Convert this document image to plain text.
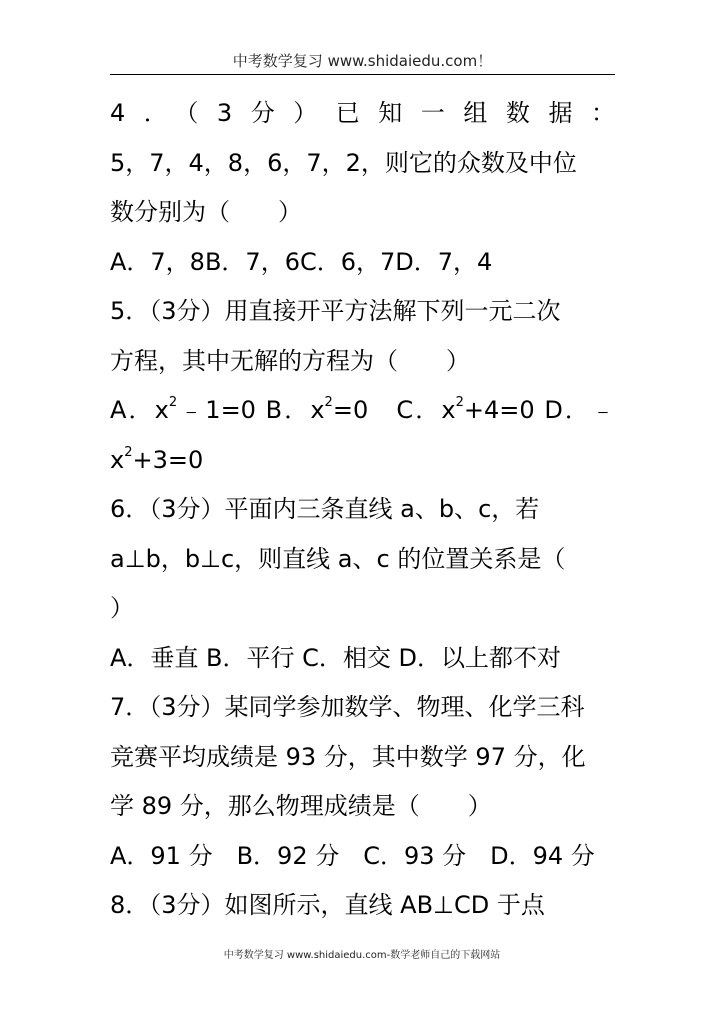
中考数学复习 www.shidaiedu.com！
4．（3分）已知一组数据：
5，7，4，8，6，7，2，则它的众数及中位
数分别为（　　）
A．7，8B．7，6C．6，7D．7，4
5．（3分）用直接开平方法解下列一元二次
方程，其中无解的方程为（　　）
A．$x^2﹣1=0$ B．$x^2=0$　C．$x^2+4=0$ D．﹣
$x^2+3=0$
6．（3分）平面内三条直线 a、b、c，若
a⊥b，b⊥c，则直线 a、c 的位置关系是（
）
A．垂直 B．平行 C．相交 D．以上都不对
7．（3分）某同学参加数学、物理、化学三科
竞赛平均成绩是 93 分，其中数学 97 分，化
学 89 分，那么物理成绩是（　　）
A．91 分　B．92 分　C．93 分　D．94 分
8．（3分）如图所示，直线 AB⊥CD 于点
中考数学复习 www.shidaiedu.com-数学老师自己的下载网站
